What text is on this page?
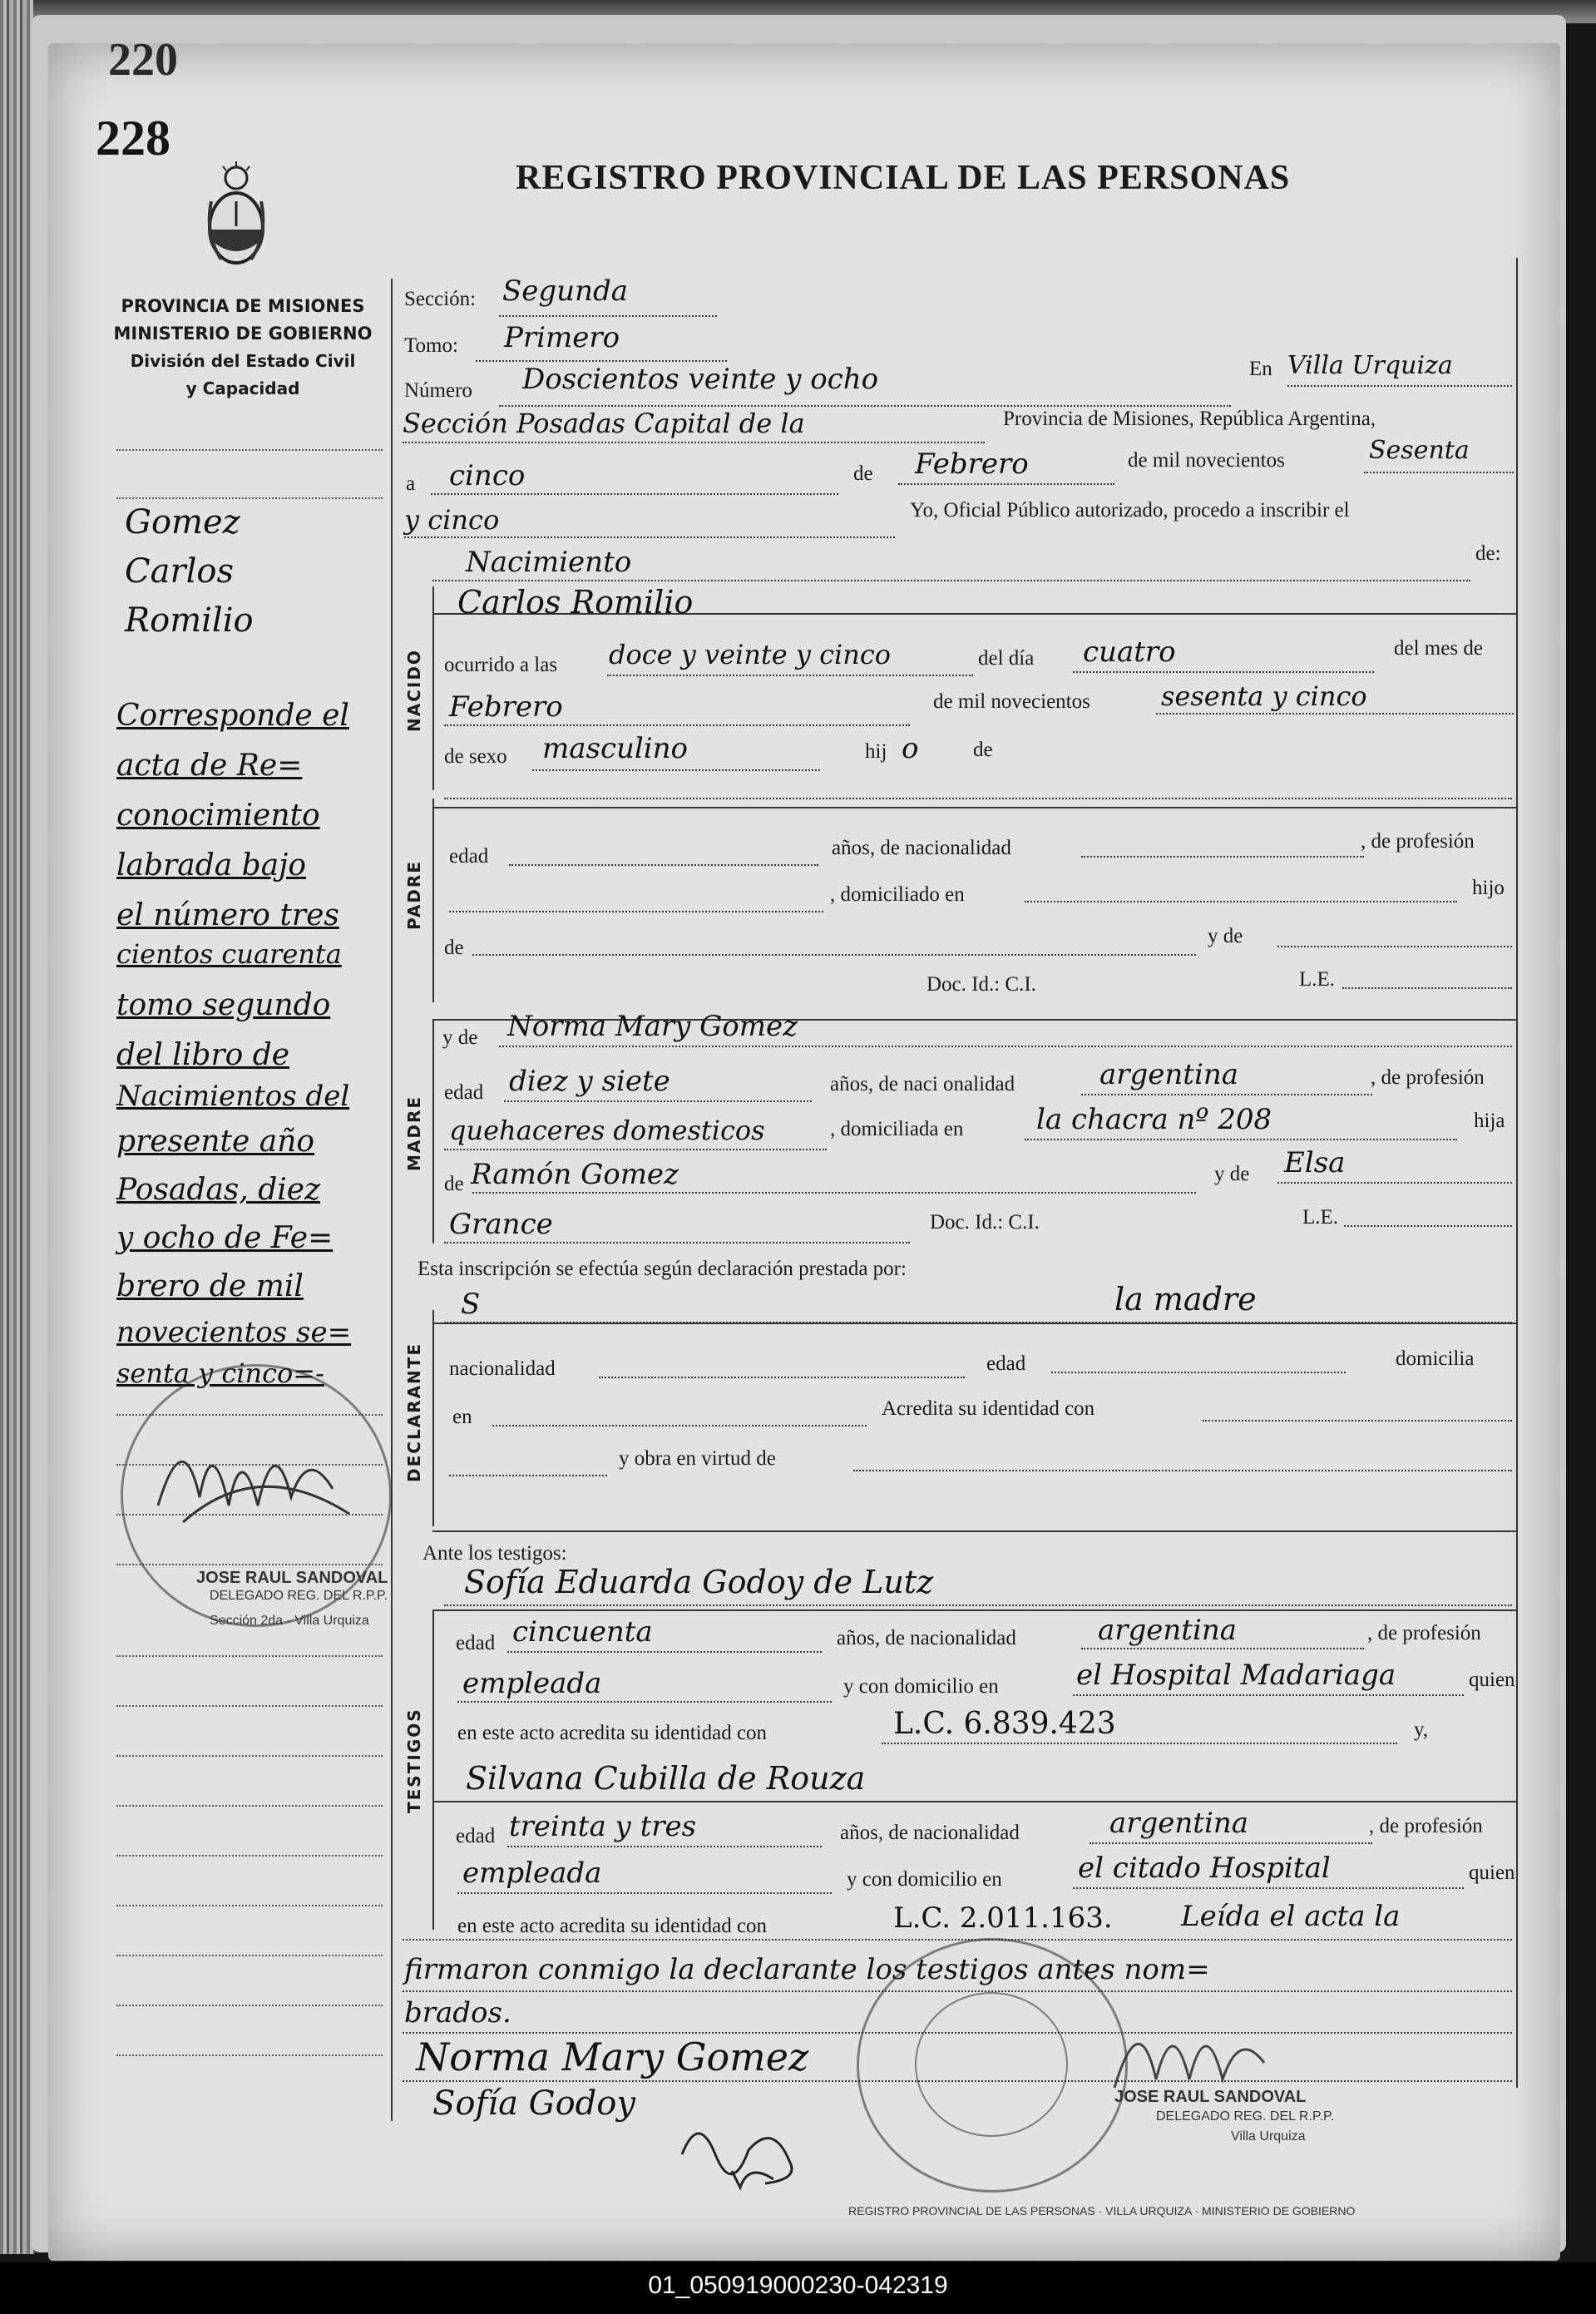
220
228
REGISTRO PROVINCIAL DE LAS PERSONAS
PROVINCIA DE MISIONES
MINISTERIO DE GOBIERNO
División del Estado Civil
y Capacidad
NACIDO
PADRE
MADRE
DECLARANTE
TESTIGOS
Gomez
Carlos
Romilio
Corresponde el
acta de Re=
conocimiento
labrada bajo
el número tres
cientos cuarenta
tomo segundo
del libro de
Nacimientos del
presente año
Posadas, diez
y ocho de Fe=
brero de mil
novecientos se=
senta y cinco=-
Sección: Segunda
Tomo: Primero
Número Doscientos veinte y ocho	En Villa Urquiza
Sección Posadas Capital de la	Provincia de Misiones, República Argentina,
a cinco	de Febrero	de mil novecientos	Sesenta
y cinco	Yo, Oficial Público autorizado, procedo a inscribir el
Nacimiento	de:
Carlos Romilio
ocurrido a las doce y veinte y cinco	del día cuatro	del mes de
Febrero	de mil novecientos	sesenta y cinco
de sexo masculino	hij o	de
edad	años, de nacionalidad	, de profesión
, domiciliado en	hijo
de
y de
Doc. Id.: C.I.	L.E.
y de Norma Mary Gomez
edad diez y siete	años, de naci onalidad	argentina	, de profesión
quehaceres domesticos	, domiciliada en	la chacra nº 208	hija
de Ramón Gomez	y de Elsa
Grance	Doc. Id.: C.I.	L.E.
Esta inscripción se efectúa según declaración prestada por:
S	la madre
nacionalidad	edad	domicilia
en	Acredita su identidad con
y obra en virtud de
Ante los testigos:
Sofía Eduarda Godoy de Lutz
edad cincuenta	años, de nacionalidad	argentina	, de profesión
empleada	y con domicilio en	el Hospital Madariaga	quien
en este acto acredita su identidad con	L.C. 6.839.423	y,
Silvana Cubilla de Rouza
edad treinta y tres	años, de nacionalidad	argentina	, de profesión
empleada	y con domicilio en	el citado Hospital	quien
en este acto acredita su identidad con	L.C. 2.011.163. Leída el acta la
firmaron conmigo la declarante los testigos antes nom=
brados.
Norma Mary Gomez
Sofía Godoy
JOSE RAUL SANDOVAL
DELEGADO REG. DEL R.P.P.
Sección 2da - Villa Urquiza
REGISTRO PROVINCIAL DE LAS PERSONAS · VILLA URQUIZA · MINISTERIO DE GOBIERNO
JOSE RAUL SANDOVAL
DELEGADO REG. DEL R.P.P.
Villa Urquiza
01_050919000230-042319
